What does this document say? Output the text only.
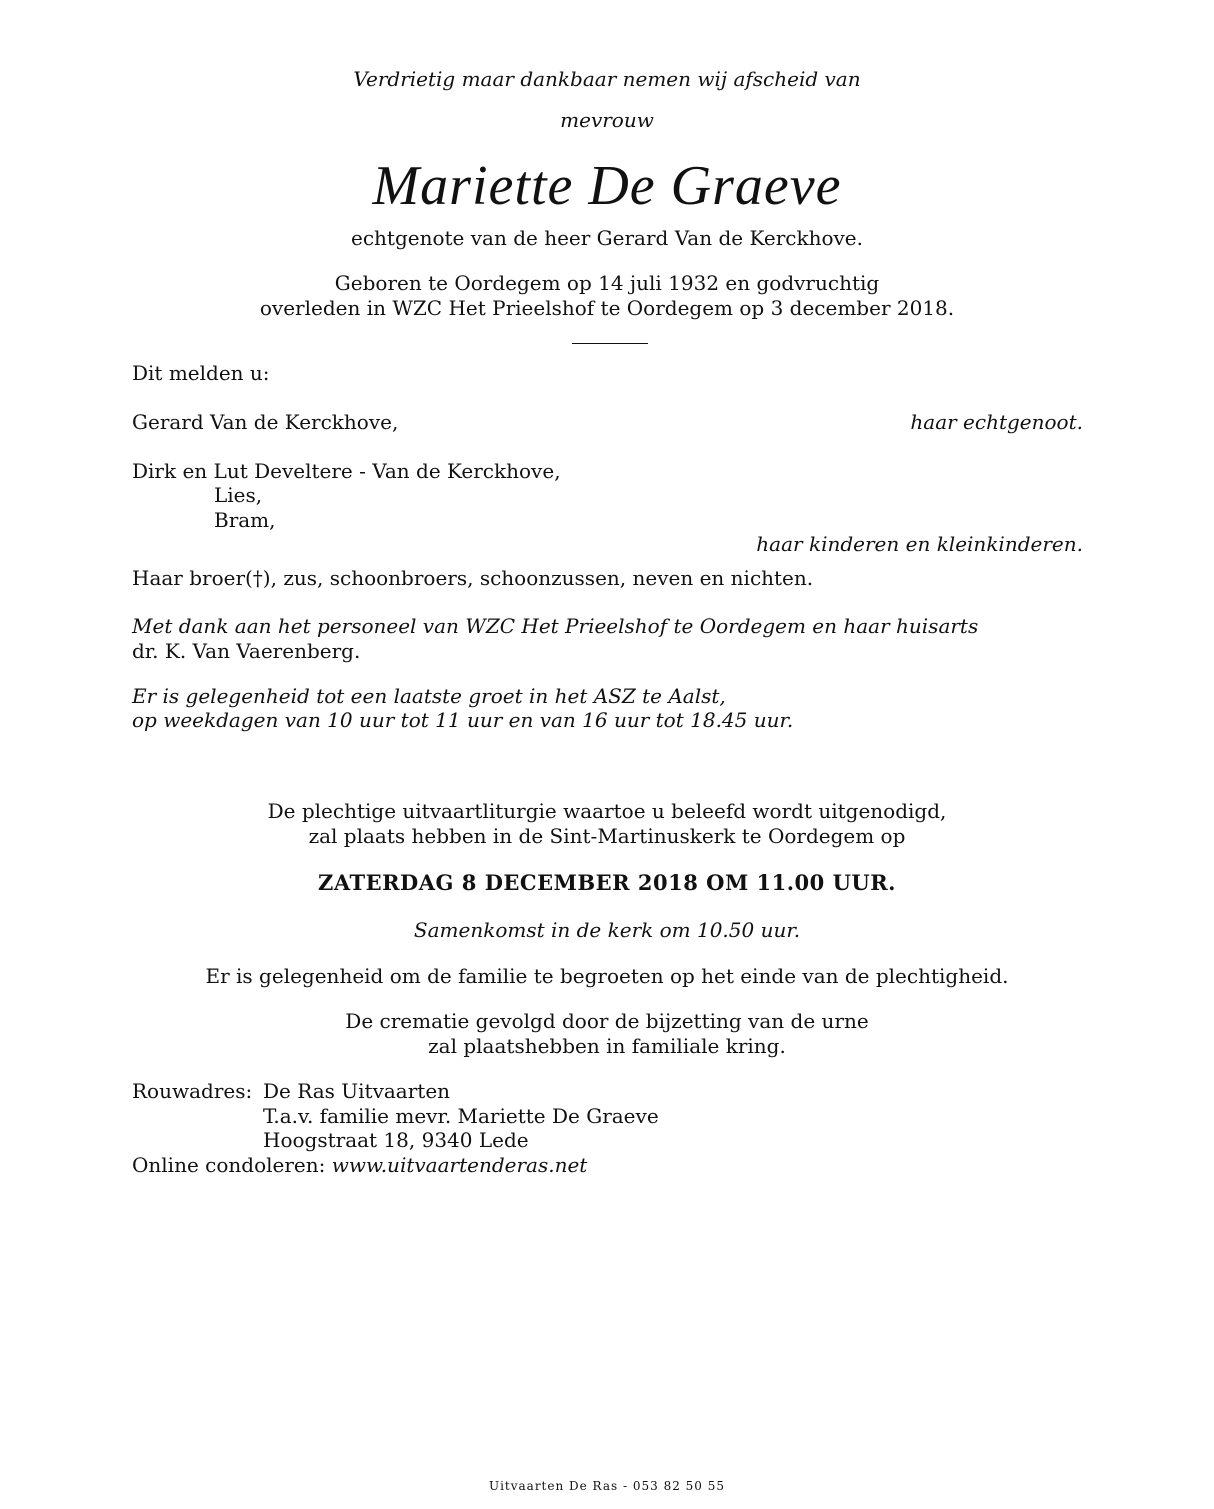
Verdrietig maar dankbaar nemen wij afscheid van
mevrouw
Mariette De Graeve
echtgenote van de heer Gerard Van de Kerckhove.
Geboren te Oordegem op 14 juli 1932 en godvruchtig
overleden in WZC Het Prieelshof te Oordegem op 3 december 2018.
Dit melden u:
Gerard Van de Kerckhove,	haar echtgenoot.
Dirk en Lut Develtere - Van de Kerckhove,
Lies,
Bram,
haar kinderen en kleinkinderen.
Haar broer(†), zus, schoonbroers, schoonzussen, neven en nichten.
Met dank aan het personeel van WZC Het Prieelshof te Oordegem en haar huisarts
dr. K. Van Vaerenberg.
Er is gelegenheid tot een laatste groet in het ASZ te Aalst,
op weekdagen van 10 uur tot 11 uur en van 16 uur tot 18.45 uur.
De plechtige uitvaartliturgie waartoe u beleefd wordt uitgenodigd,
zal plaats hebben in de Sint-Martinuskerk te Oordegem op
ZATERDAG 8 DECEMBER 2018 OM 11.00 UUR.
Samenkomst in de kerk om 10.50 uur.
Er is gelegenheid om de familie te begroeten op het einde van de plechtigheid.
De crematie gevolgd door de bijzetting van de urne
zal plaatshebben in familiale kring.
Rouwadres: De Ras Uitvaarten
T.a.v. familie mevr. Mariette De Graeve
Hoogstraat 18, 9340 Lede
Online condoleren: www.uitvaartenderas.net
Uitvaarten De Ras - 053 82 50 55
